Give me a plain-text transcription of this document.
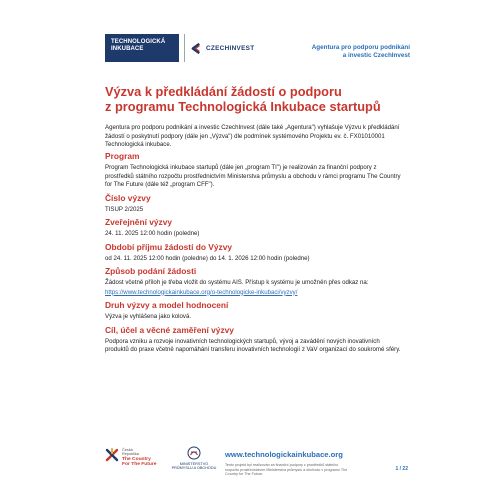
TECHNOLOGICKÁ
INKUBACE	CZECHINVEST	Agentura pro podporu podnikání
a investic CzechInvest
Výzva k předkládání žádostí o podporu
z programu Technologická Inkubace startupů

Agentura pro podporu podnikání a investic CzechInvest (dále také „Agentura") vyhlašuje Výzvu k předkládání žádostí o poskytnutí podpory (dále jen „Výzva") dle podmínek systémového Projektu ev. č. FX01010001 Technologická inkubace.

Program
Program Technologická inkubace startupů (dále jen „program TI") je realizován za finanční podpory z prostředků státního rozpočtu prostřednictvím Ministerstva průmyslu a obchodu v rámci programu The Country for The Future (dále též „program CFF").
Číslo výzvy
TISUP 2/2025
Zveřejnění výzvy
24. 11. 2025 12:00 hodin (poledne)
Období příjmu žádostí do Výzvy
od 24. 11. 2025 12:00 hodin (poledne) do 14. 1. 2026 12:00 hodin (poledne)
Způsob podání žádosti
Žádost včetně příloh je třeba vložit do systému AIS. Přístup k systému je umožněn přes odkaz na:
https://www.technologickainkubace.org/o-technologicke-inkubaci/vyzvy/
Druh výzvy a model hodnocení
Výzva je vyhlášena jako kolová.
Cíl, účel a věcné zaměření výzvy
Podpora vzniku a rozvoje inovativních technologických startupů, vývoj a zavádění nových inovativních produktů do praxe včetně napomáhání transferu inovativních technologií z VaV organizací do soukromé sféry.
Česká
Republika
The Country
For The Future	MINISTERSTVO
PRŮMYSLU A OBCHODU
www.technologickainkubace.org
Tento projekt byl realizován za finanční podpory z prostředků státního rozpočtu prostřednictvím Ministerstva průmyslu a obchodu v programu The Country for The Future.
1 / 22
